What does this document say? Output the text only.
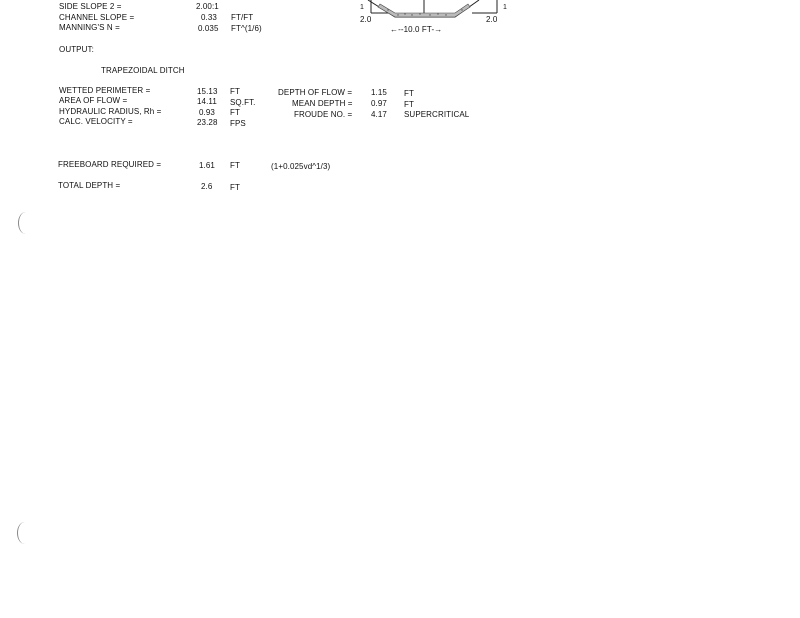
SIDE SLOPE 2 =	2.00:1
CHANNEL SLOPE =	0.33 FT/FT
MANNING'S N =	0.035 FT^(1/6)
1	1
2.0	2.0
←--10.0 FT-→
OUTPUT:
TRAPEZOIDAL DITCH
WETTED PERIMETER =	15.13 FT
AREA OF FLOW =	14.11 SQ.FT.
HYDRAULIC RADIUS, Rh =	0.93 FT
CALC. VELOCITY =	23.28 FPS
DEPTH OF FLOW = 1.15 FT
MEAN DEPTH = 0.97 FT
FROUDE NO. = 4.17 SUPERCRITICAL
FREEBOARD REQUIRED =	1.61 FT	(1+0.025vd^1/3)
TOTAL DEPTH =	2.6 FT
